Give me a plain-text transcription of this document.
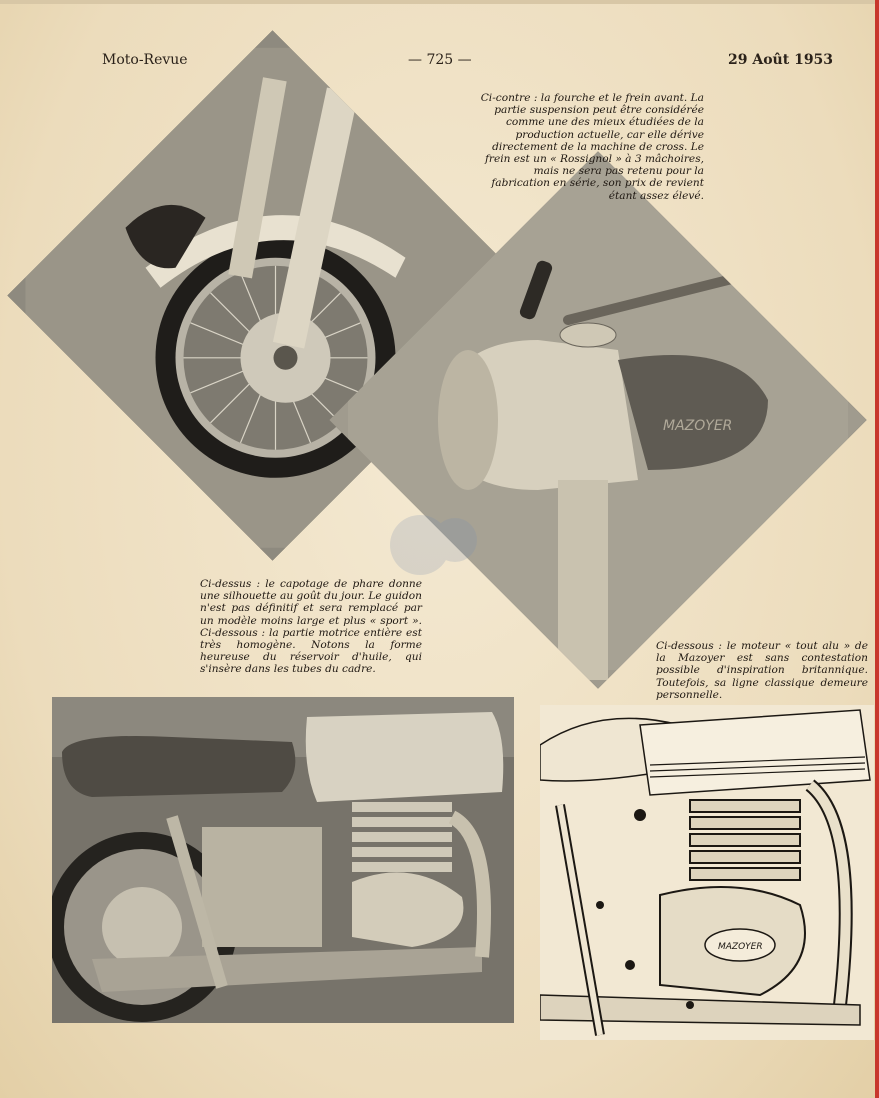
Moto-Revue	— 725 —	29 Août 1953
MAZOYER
MAZOYER
Ci-contre : la fourche et le frein avant. La partie suspension peut être considérée comme une des mieux étudiées de la production actuelle, car elle dérive directement de la machine de cross. Le frein est un « Rossignol » à 3 mâchoires, mais ne sera pas retenu pour la fabrication en série, son prix de revient étant assez élevé.
Ci-dessus : le capotage de phare donne une silhouette au goût du jour. Le guidon n'est pas définitif et sera remplacé par un modèle moins large et plus « sport ». Ci-dessous : la partie motrice entière est très homogène. Notons la forme heureuse du réservoir d'huile, qui s'insère dans les tubes du cadre.
Ci-dessous : le moteur « tout alu » de la Mazoyer est sans contestation possible d'inspiration britannique. Toutefois, sa ligne classique demeure personnelle.
